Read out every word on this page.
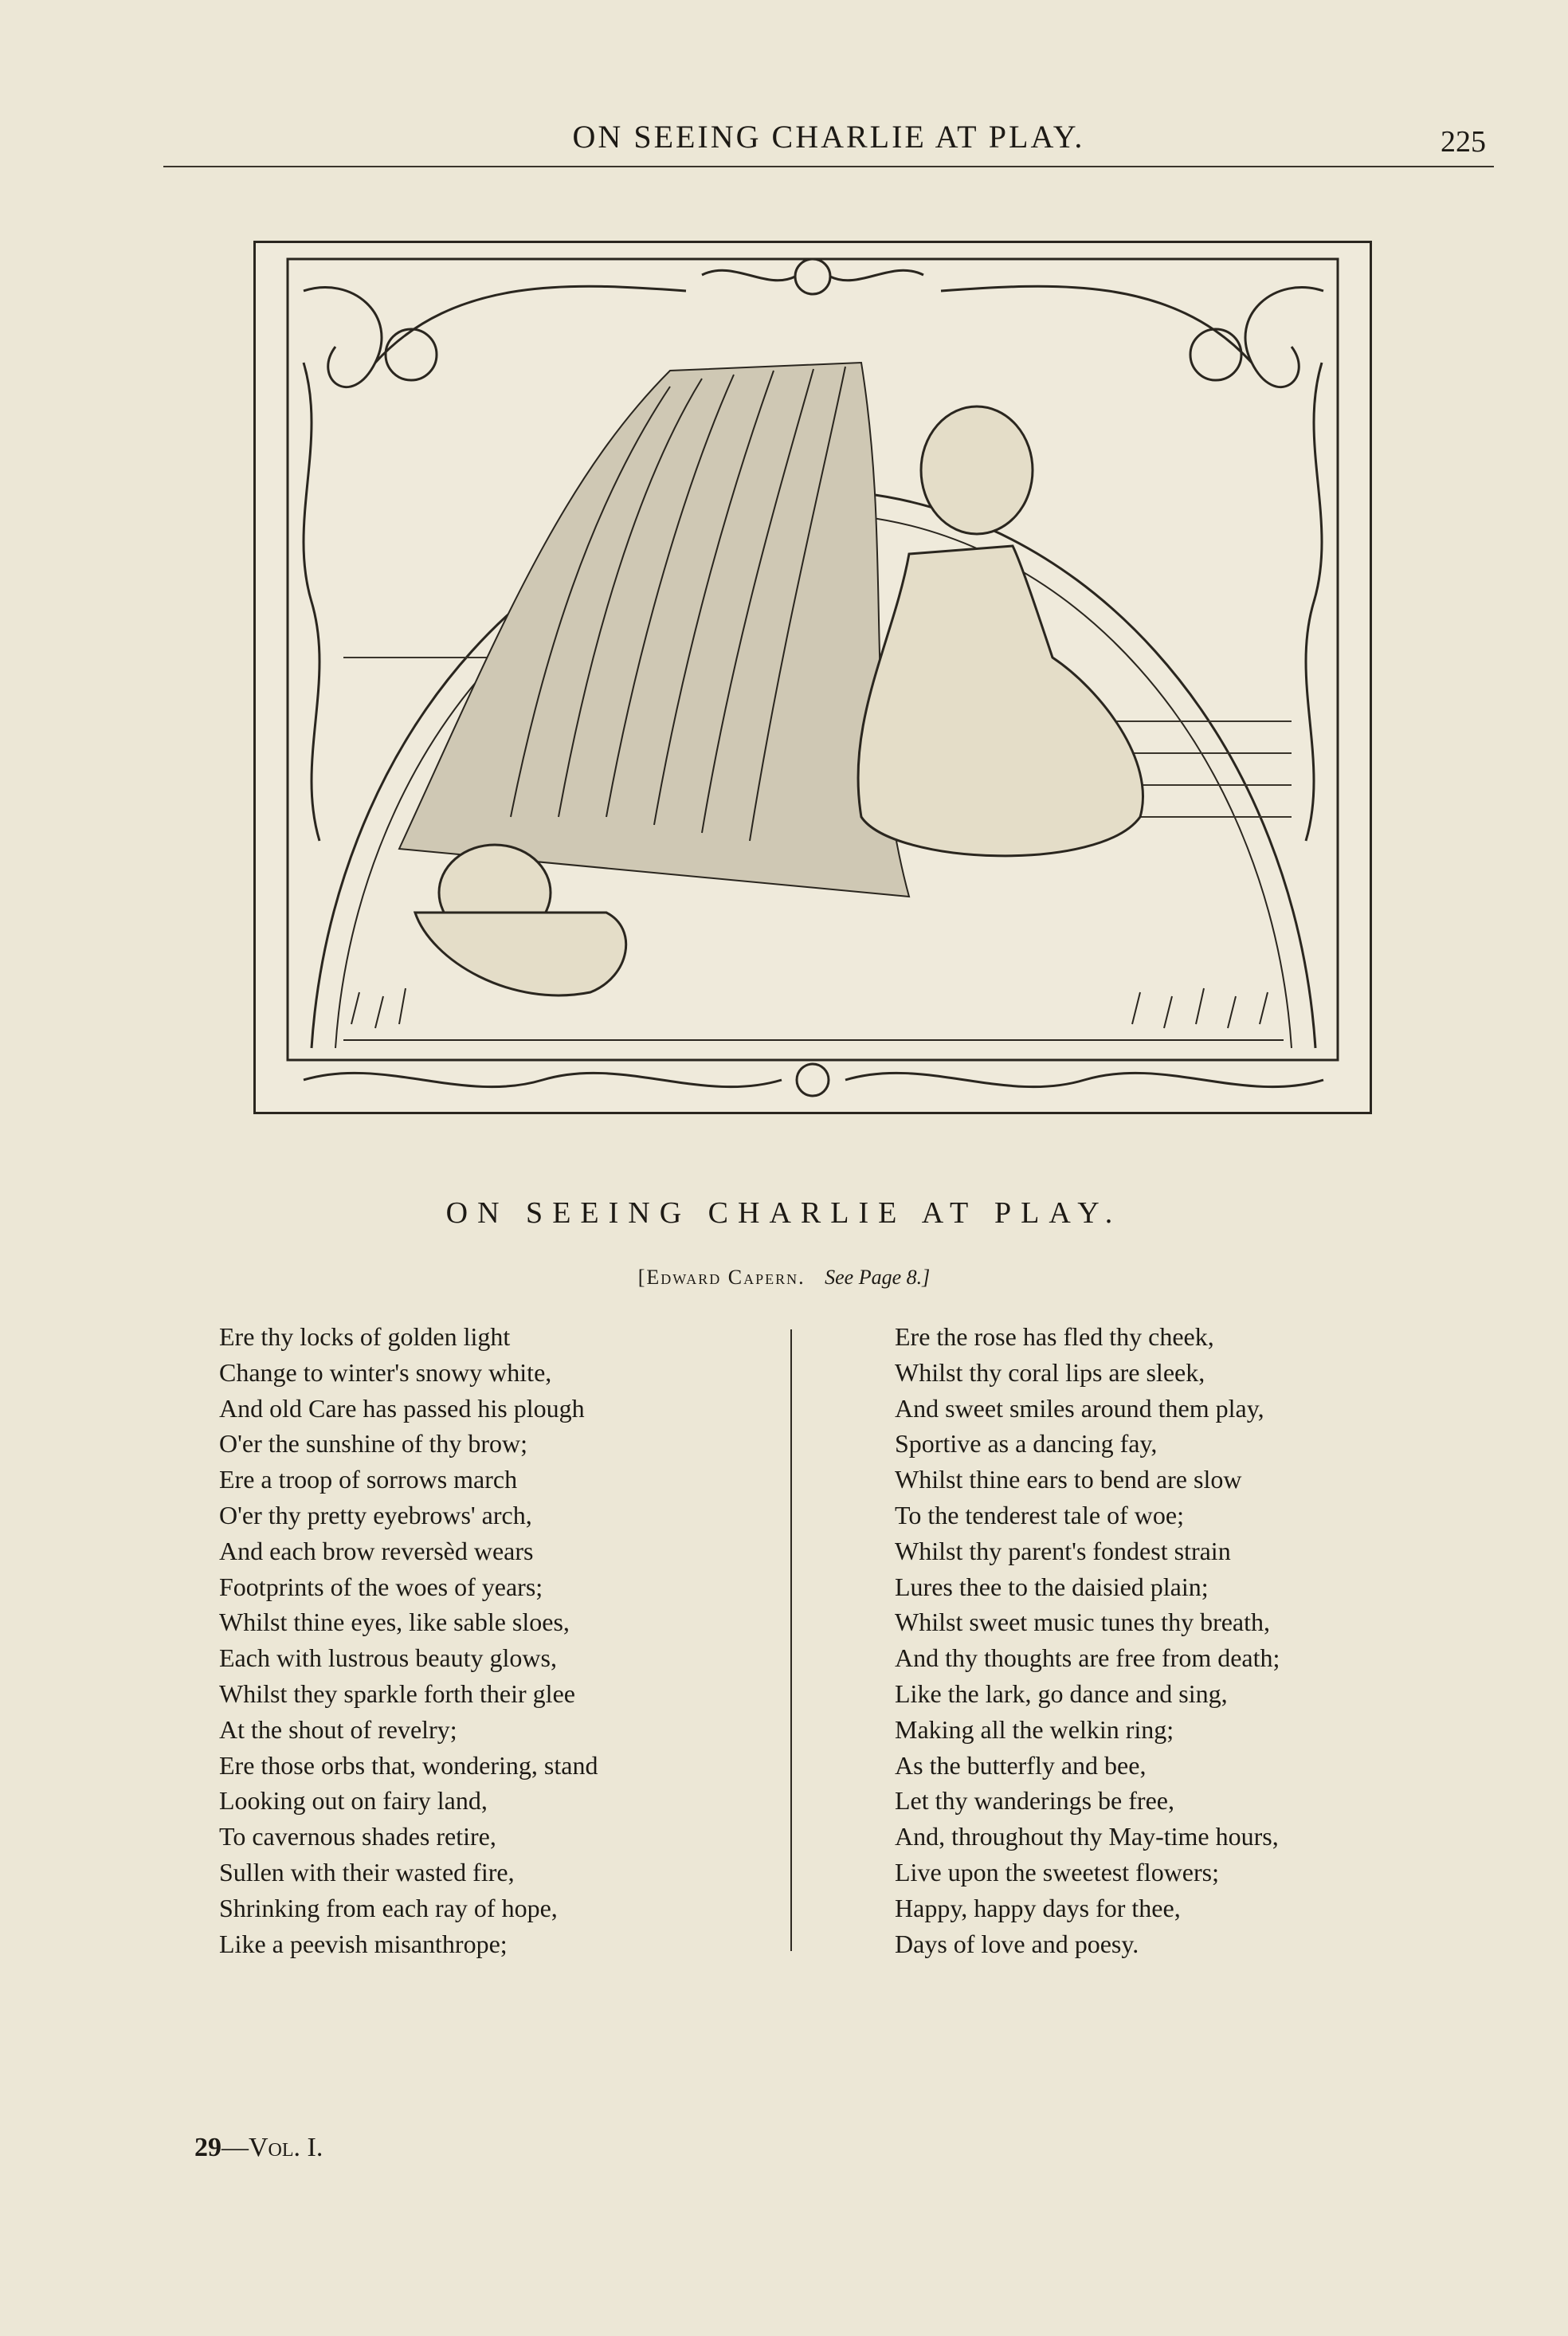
ON SEEING CHARLIE AT PLAY.	225
ON SEEING CHARLIE AT PLAY.
[Edward Capern. See Page 8.]
Ere thy locks of golden light
Change to winter's snowy white,
And old Care has passed his plough
O'er the sunshine of thy brow;
Ere a troop of sorrows march
O'er thy pretty eyebrows' arch,
And each brow reversèd wears
Footprints of the woes of years;
Whilst thine eyes, like sable sloes,
Each with lustrous beauty glows,
Whilst they sparkle forth their glee
At the shout of revelry;
Ere those orbs that, wondering, stand
Looking out on fairy land,
To cavernous shades retire,
Sullen with their wasted fire,
Shrinking from each ray of hope,
Like a peevish misanthrope;
Ere the rose has fled thy cheek,
Whilst thy coral lips are sleek,
And sweet smiles around them play,
Sportive as a dancing fay,
Whilst thine ears to bend are slow
To the tenderest tale of woe;
Whilst thy parent's fondest strain
Lures thee to the daisied plain;
Whilst sweet music tunes thy breath,
And thy thoughts are free from death;
Like the lark, go dance and sing,
Making all the welkin ring;
As the butterfly and bee,
Let thy wanderings be free,
And, throughout thy May-time hours,
Live upon the sweetest flowers;
Happy, happy days for thee,
Days of love and poesy.
29—Vol. I.
